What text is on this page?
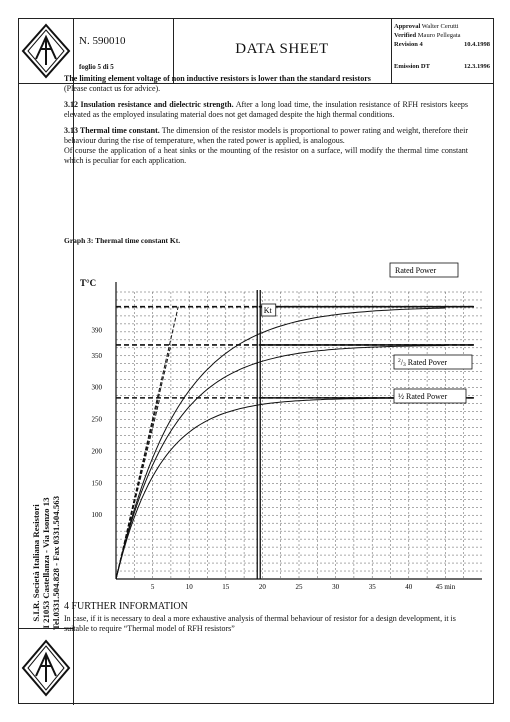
N. 590010
foglio 5 di 5
DATA SHEET
Approval Walter Cerutti
Verified Mauro Pellegata
Revision 4	10.4.1998
Emission DT	12.3.1996
S.I.R. Società Italiana Resistori I 21053 Castellanza - Via Isonzo 13 Tel.0331.504.828 - Fax 0331.504.563

The limiting element voltage of non inductive resistors is lower than the standard resistors
(Please contact us for advice).

3.12 Insulation resistance and dielectric strength. After a long load time, the insulation resistance of RFH resistors keeps elevated as the employed insulating material does not get damaged despite the high thermal conditions.

3.13 Thermal time constant. The dimension of the resistor models is proportional to power rating and weight, therefore their behaviour during the rise of temperature, when the rated power is applied, is analogous.

Of course the application of a heat sinks or the mounting of the resistor on a surface, will modify the thermal time constant which is peculiar for each application.

Graph 3: Thermal time constant Kt.
5	10	15	20	25	30	35	40	45 min
100
150
200
250
300
350
390
T°C
Kt
Rated Power
$^2$/3 Rated Pover
½ Rated Power
4 FURTHER INFORMATION
In case, if it is necessary to deal a more exhaustive analysis of thermal behaviour of resistor for a design development, it is suitable to require “Thermal model of RFH resistors”
